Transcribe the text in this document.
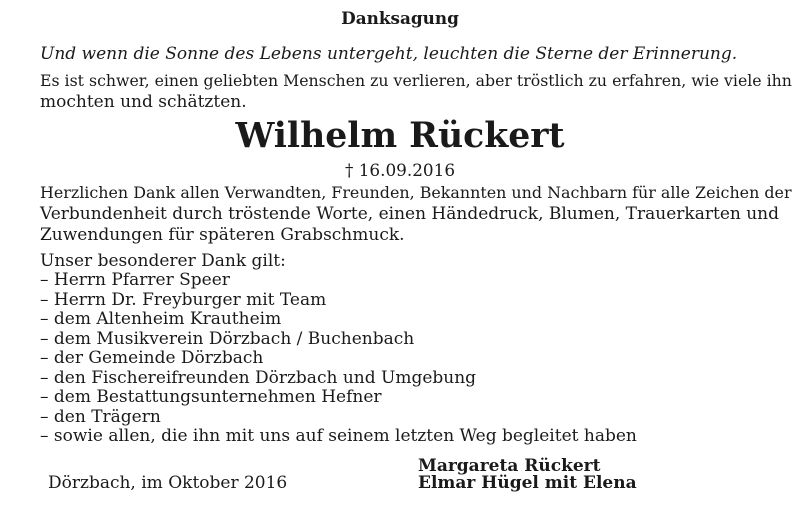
Danksagung
Und wenn die Sonne des Lebens untergeht, leuchten die Sterne der Erinnerung.
Es ist schwer, einen geliebten Menschen zu verlieren, aber tröstlich zu erfahren, wie viele ihn
mochten und schätzten.
Wilhelm Rückert
† 16.09.2016
Herzlichen Dank allen Verwandten, Freunden, Bekannten und Nachbarn für alle Zeichen der
Verbundenheit durch tröstende Worte, einen Händedruck, Blumen, Trauerkarten und
Zuwendungen für späteren Grabschmuck.
Unser besonderer Dank gilt:
– Herrn Pfarrer Speer
– Herrn Dr. Freyburger mit Team
– dem Altenheim Krautheim
– dem Musikverein Dörzbach / Buchenbach
– der Gemeinde Dörzbach
– den Fischereifreunden Dörzbach und Umgebung
– dem Bestattungsunternehmen Hefner
– den Trägern
– sowie allen, die ihn mit uns auf seinem letzten Weg begleitet haben
Dörzbach, im Oktober 2016
Margareta Rückert
Elmar Hügel mit Elena
